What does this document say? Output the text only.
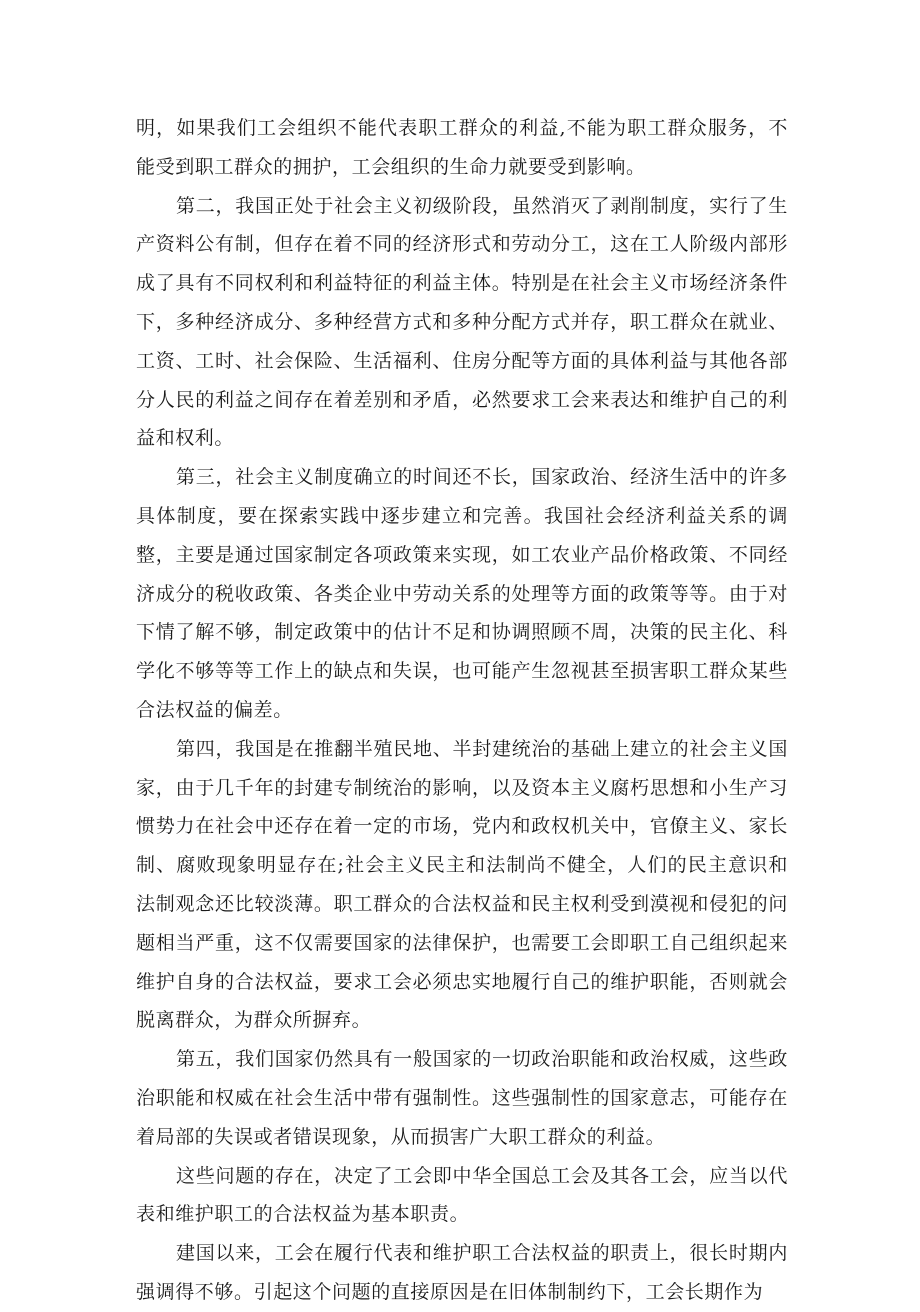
明，如果我们工会组织不能代表职工群众的利益,不能为职工群众服务，不能受到职工群众的拥护，工会组织的生命力就要受到影响。

第二，我国正处于社会主义初级阶段，虽然消灭了剥削制度，实行了生产资料公有制，但存在着不同的经济形式和劳动分工，这在工人阶级内部形成了具有不同权利和利益特征的利益主体。特别是在社会主义市场经济条件下，多种经济成分、多种经营方式和多种分配方式并存，职工群众在就业、工资、工时、社会保险、生活福利、住房分配等方面的具体利益与其他各部分人民的利益之间存在着差别和矛盾，必然要求工会来表达和维护自己的利益和权利。

第三，社会主义制度确立的时间还不长，国家政治、经济生活中的许多具体制度，要在探索实践中逐步建立和完善。我国社会经济利益关系的调整，主要是通过国家制定各项政策来实现，如工农业产品价格政策、不同经济成分的税收政策、各类企业中劳动关系的处理等方面的政策等等。由于对下情了解不够，制定政策中的估计不足和协调照顾不周，决策的民主化、科学化不够等等工作上的缺点和失误，也可能产生忽视甚至损害职工群众某些合法权益的偏差。

第四，我国是在推翻半殖民地、半封建统治的基础上建立的社会主义国家，由于几千年的封建专制统治的影响，以及资本主义腐朽思想和小生产习惯势力在社会中还存在着一定的市场，党内和政权机关中，官僚主义、家长制、腐败现象明显存在;社会主义民主和法制尚不健全，人们的民主意识和法制观念还比较淡薄。职工群众的合法权益和民主权利受到漠视和侵犯的问题相当严重，这不仅需要国家的法律保护，也需要工会即职工自己组织起来维护自身的合法权益，要求工会必须忠实地履行自己的维护职能，否则就会脱离群众，为群众所摒弃。

第五，我们国家仍然具有一般国家的一切政治职能和政治权威，这些政治职能和权威在社会生活中带有强制性。这些强制性的国家意志，可能存在着局部的失误或者错误现象，从而损害广大职工群众的利益。

这些问题的存在，决定了工会即中华全国总工会及其各工会，应当以代表和维护职工的合法权益为基本职责。

建国以来，工会在履行代表和维护职工合法权益的职责上，很长时期内强调得不够。引起这个问题的直接原因是在旧体制制约下，工会长期作为
